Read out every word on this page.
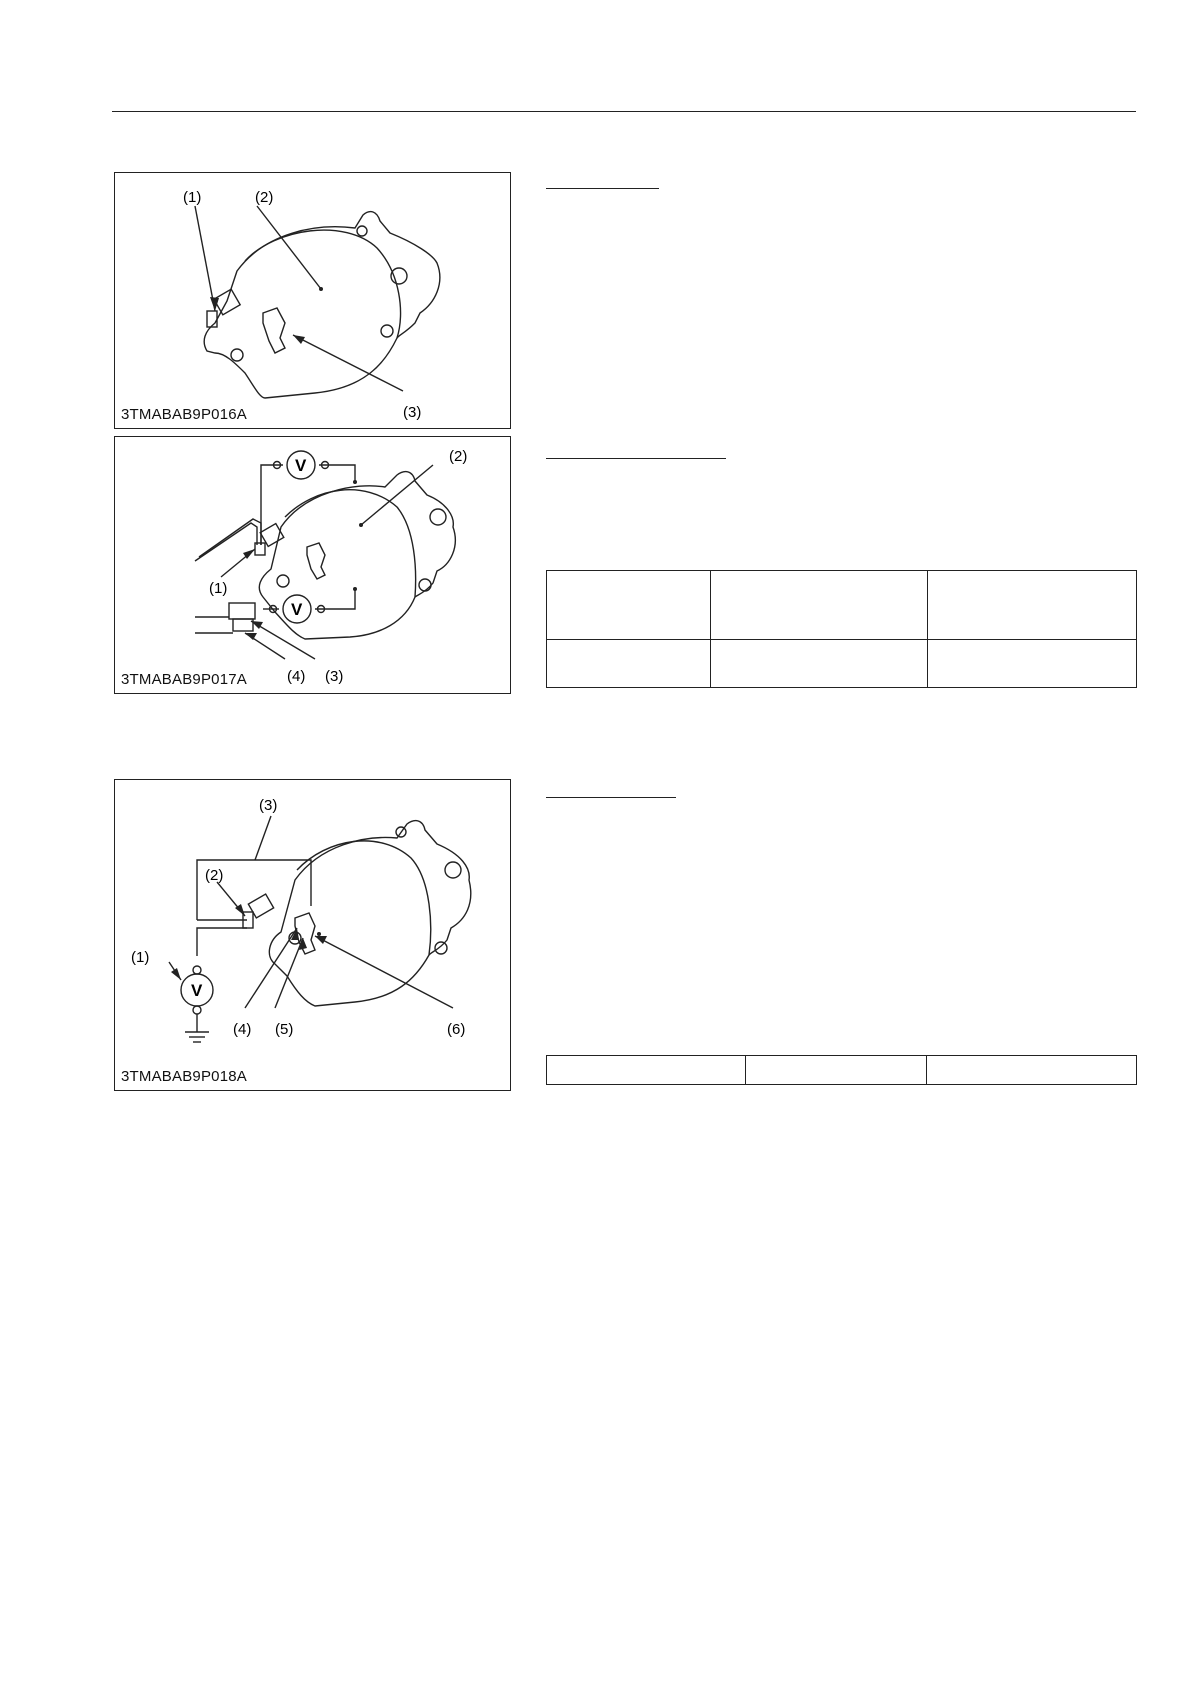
(1)	(2)
(3)
3TMABAB9P016A
V
V
(1)
(2)
(3)
(4)
3TMABAB9P017A
V
(1)
(2)
(3)
(4) (5)	(6)
3TMABAB9P018A
